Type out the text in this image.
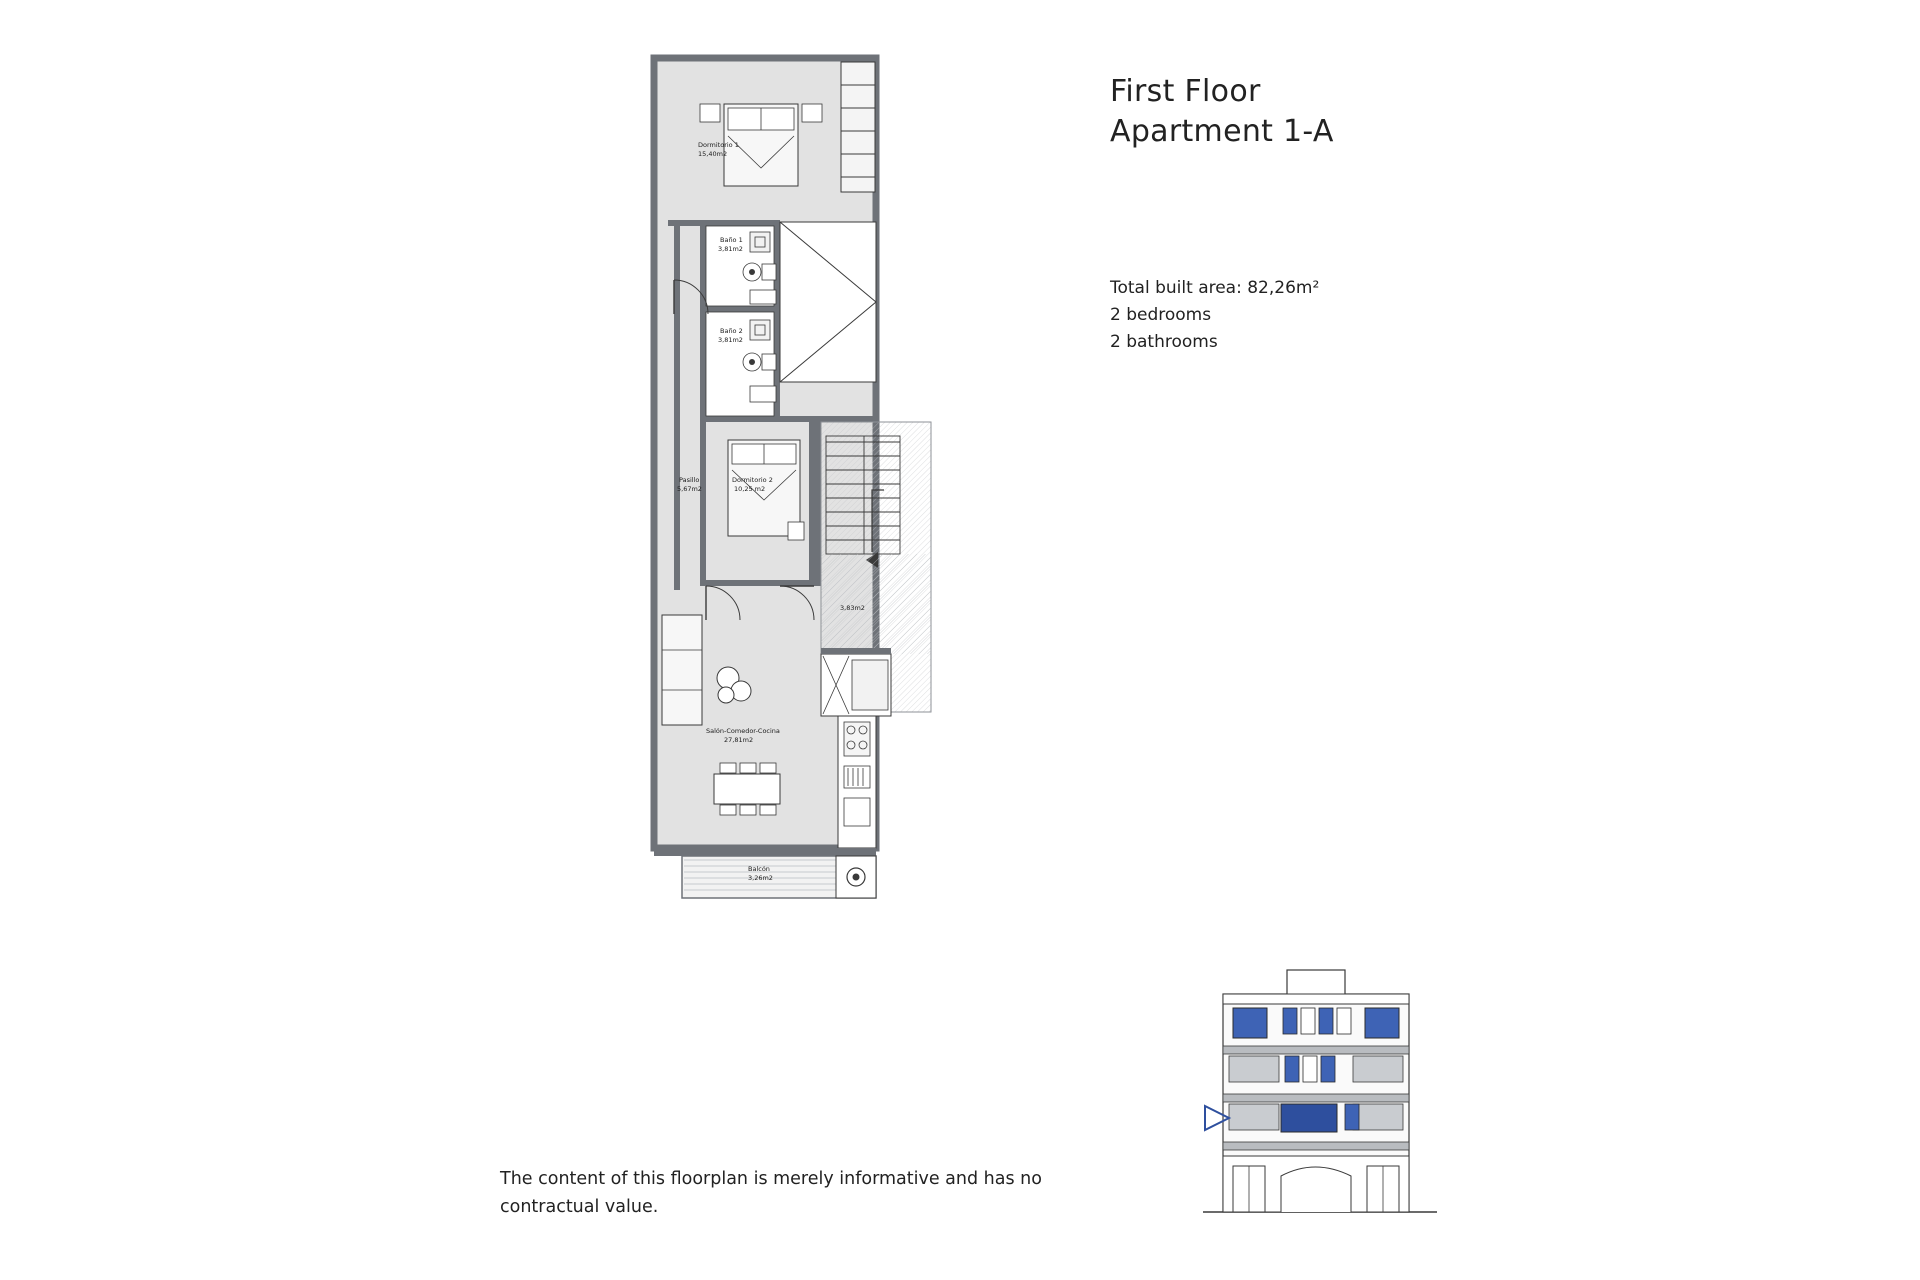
First Floor
Apartment 1-A
Total built area: 82,26m²
2 bedrooms
2 bathrooms
The content of this floorplan is merely informative and has no contractual value.
Dormitorio 1
15,40m2
Baño 1
3,81m2
Baño 2
3,81m2
Pasillo
5,67m2
Dormitorio 2
10,25 m2
Salón-Comedor-Cocina
27,81m2
Balcón
3,26m2
3,83m2
